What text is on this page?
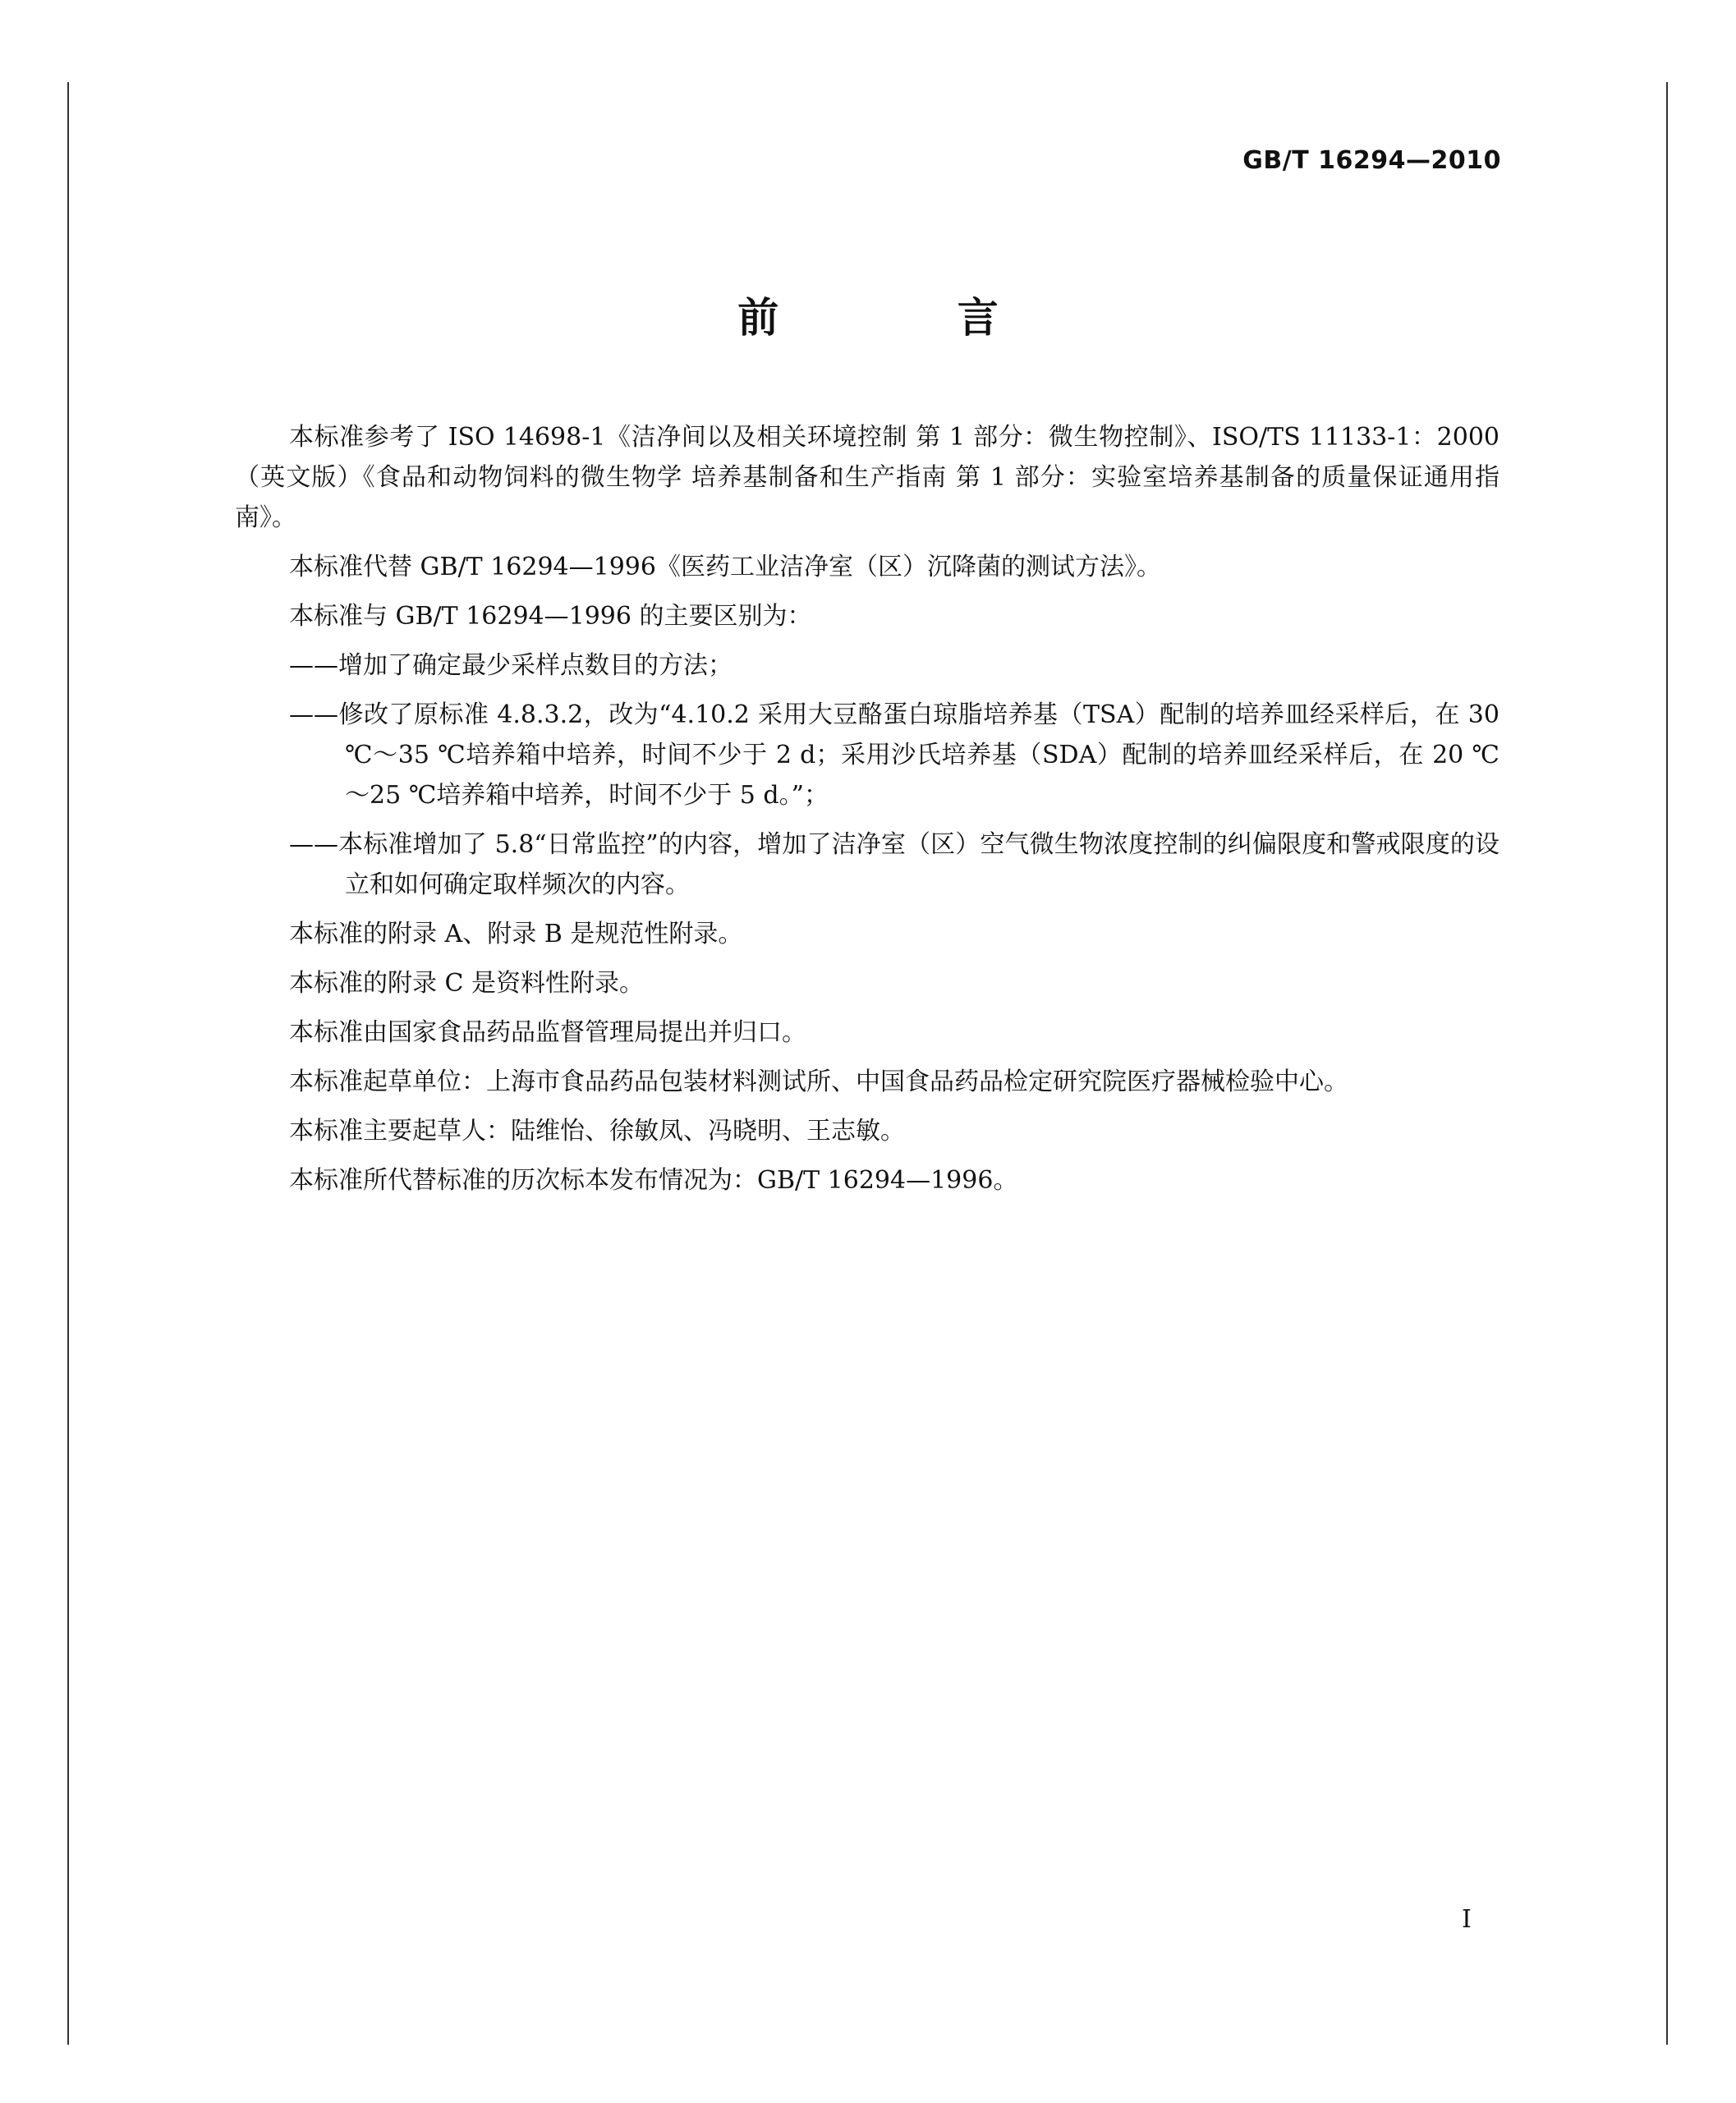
GB/T 16294—2010
前 言

本标准参考了 ISO 14698-1《洁净间以及相关环境控制 第 1 部分：微生物控制》、ISO/TS 11133-1：2000（英文版）《食品和动物饲料的微生物学 培养基制备和生产指南 第 1 部分：实验室培养基制备的质量保证通用指南》。

本标准代替 GB/T 16294—1996《医药工业洁净室（区）沉降菌的测试方法》。

本标准与 GB/T 16294—1996 的主要区别为：

——增加了确定最少采样点数目的方法；

——修改了原标准 4.8.3.2，改为“4.10.2 采用大豆酪蛋白琼脂培养基（TSA）配制的培养皿经采样后，在 30 ℃～35 ℃培养箱中培养，时间不少于 2 d；采用沙氏培养基（SDA）配制的培养皿经采样后，在 20 ℃～25 ℃培养箱中培养，时间不少于 5 d。”；

——本标准增加了 5.8“日常监控”的内容，增加了洁净室（区）空气微生物浓度控制的纠偏限度和警戒限度的设立和如何确定取样频次的内容。

本标准的附录 A、附录 B 是规范性附录。

本标准的附录 C 是资料性附录。

本标准由国家食品药品监督管理局提出并归口。

本标准起草单位：上海市食品药品包装材料测试所、中国食品药品检定研究院医疗器械检验中心。

本标准主要起草人：陆维怡、徐敏凤、冯晓明、王志敏。

本标准所代替标准的历次标本发布情况为：GB/T 16294—1996。

I
